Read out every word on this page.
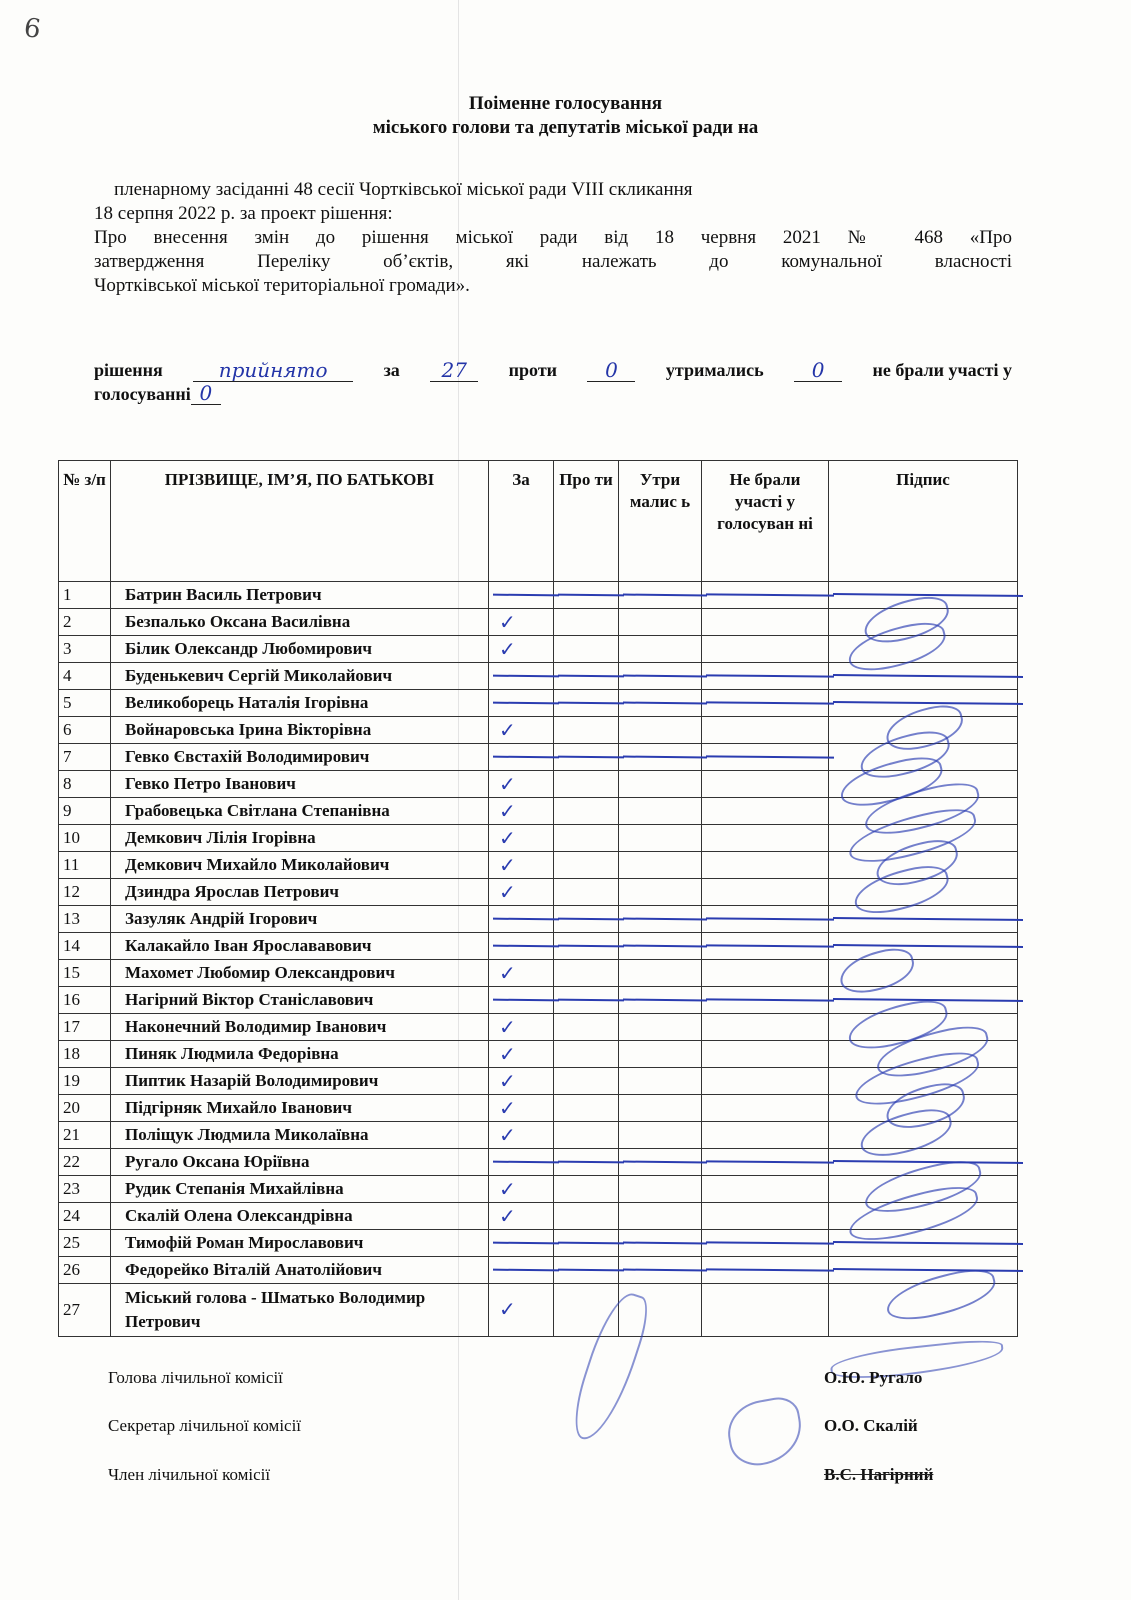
6
Поіменне голосування
міського голови та депутатів міської ради на
пленарному засіданні 48 сесії Чортківської міської ради VIII скликання
18 серпня 2022 р. за проект рішення:
Про внесення змін до рішення міської ради від 18 червня 2021 № 468 «Про
затвердження Переліку об’єктів, які належать до комунальної власності
Чортківської міської територіальної громади».
рішення	прийнято	за	27	проти	0	утримались	0	не брали участі у
голосуванні 0
№ з/п	ПРІЗВИЩЕ, ІМ’Я, ПО БАТЬКОВІ	За	Про ти	Утри малис ь	Не брали участі у голосуван ні	Підпис
1	Батрин Василь Петрович	

2	Безпалько Оксана Василівна	✓				

3	Білик Олександр Любомирович	✓				

4	Буденькевич Сергій Миколайович	

5	Великоборець Наталія Ігорівна	

6	Войнаровська Ірина Вікторівна	✓				

7	Гевко Євстахій Володимирович	

8	Гевко Петро Іванович	✓				

9	Грабовецька Світлана Степанівна	✓				

10	Демкович Лілія Ігорівна	✓				

11	Демкович Михайло Миколайович	✓				

12	Дзиндра Ярослав Петрович	✓				

13	Зазуляк Андрій Ігорович	

14	Калакайло Іван Ярослававович	

15	Махомет Любомир Олександрович	✓				

16	Нагірний Віктор Станіславович	

17	Наконечний Володимир Іванович	✓				

18	Пиняк Людмила Федорівна	✓				

19	Пиптик Назарій Володимирович	✓				

20	Підгірняк Михайло Іванович	✓				

21	Поліщук Людмила Миколаївна	✓				

22	Ругало Оксана Юріївна	

23	Рудик Степанія Михайлівна	✓				

24	Скалій Олена Олександрівна	✓				

25	Тимофій Роман Мирославович	

26	Федорейко Віталій Анатолійович	

27	Міський голова - Шматько Володимир Петрович	✓				

Голова лічильної комісії	О.Ю. Ругало
Секретар лічильної комісії	О.О. Скалій
Член лічильної комісії	В.С. Нагірний
